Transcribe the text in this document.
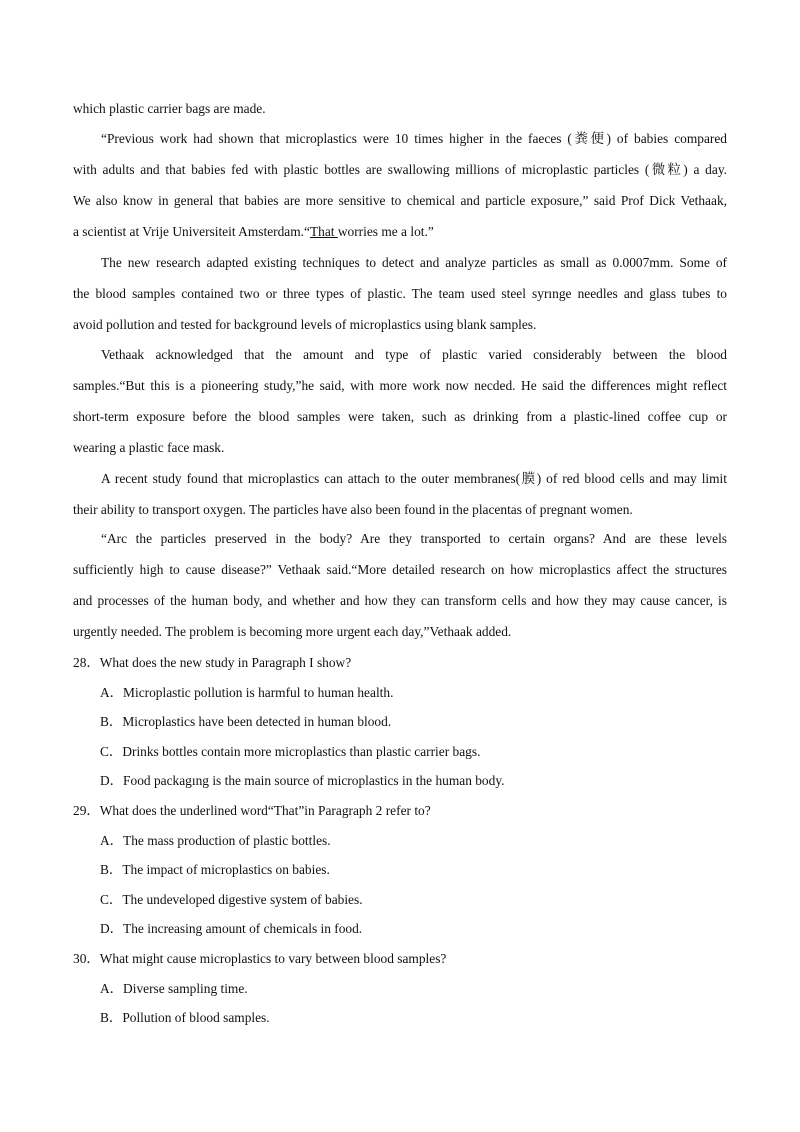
which plastic carrier bags are made.
“Previous work had shown that microplastics were 10 times higher in the faeces (粪便) of babies compared
with adults and that babies fed with plastic bottles are swallowing millions of microplastic particles (微粒) a day.
We also know in general that babies are more sensitive to chemical and particle exposure,” said Prof Dick Vethaak,
a scientist at Vrije Universiteit Amsterdam.“That worries me a lot.”
The new research adapted existing techniques to detect and analyze particles as small as 0.0007mm. Some of
the blood samples contained two or three types of plastic. The team used steel syrınge needles and glass tubes to
avoid pollution and tested for background levels of microplastics using blank samples.
Vethaak acknowledged that the amount and type of plastic varied considerably between the blood
samples.“But this is a pioneering study,”he said, with more work now necded. He said the differences might reflect
short-term exposure before the blood samples were taken, such as drinking from a plastic-lined coffee cup or
wearing a plastic face mask.
A recent study found that microplastics can attach to the outer membranes(膜) of red blood cells and may limit
their ability to transport oxygen. The particles have also been found in the placentas of pregnant women.
“Arc the particles preserved in the body? Are they transported to certain organs? And are these levels
sufficiently high to cause disease?” Vethaak said.“More detailed research on how microplastics affect the structures
and processes of the human body, and whether and how they can transform cells and how they may cause cancer, is
urgently needed. The problem is becoming more urgent each day,”Vethaak added.
28．What does the new study in Paragraph I show?
A．Microplastic pollution is harmful to human health.
B．Microplastics have been detected in human blood.
C．Drinks bottles contain more microplastics than plastic carrier bags.
D．Food packagıng is the main source of microplastics in the human body.
29．What does the underlined word“That”in Paragraph 2 refer to?
A．The mass production of plastic bottles.
B．The impact of microplastics on babies.
C．The undeveloped digestive system of babies.
D．The increasing amount of chemicals in food.
30．What might cause microplastics to vary between blood samples?
A．Diverse sampling time.
B．Pollution of blood samples.
